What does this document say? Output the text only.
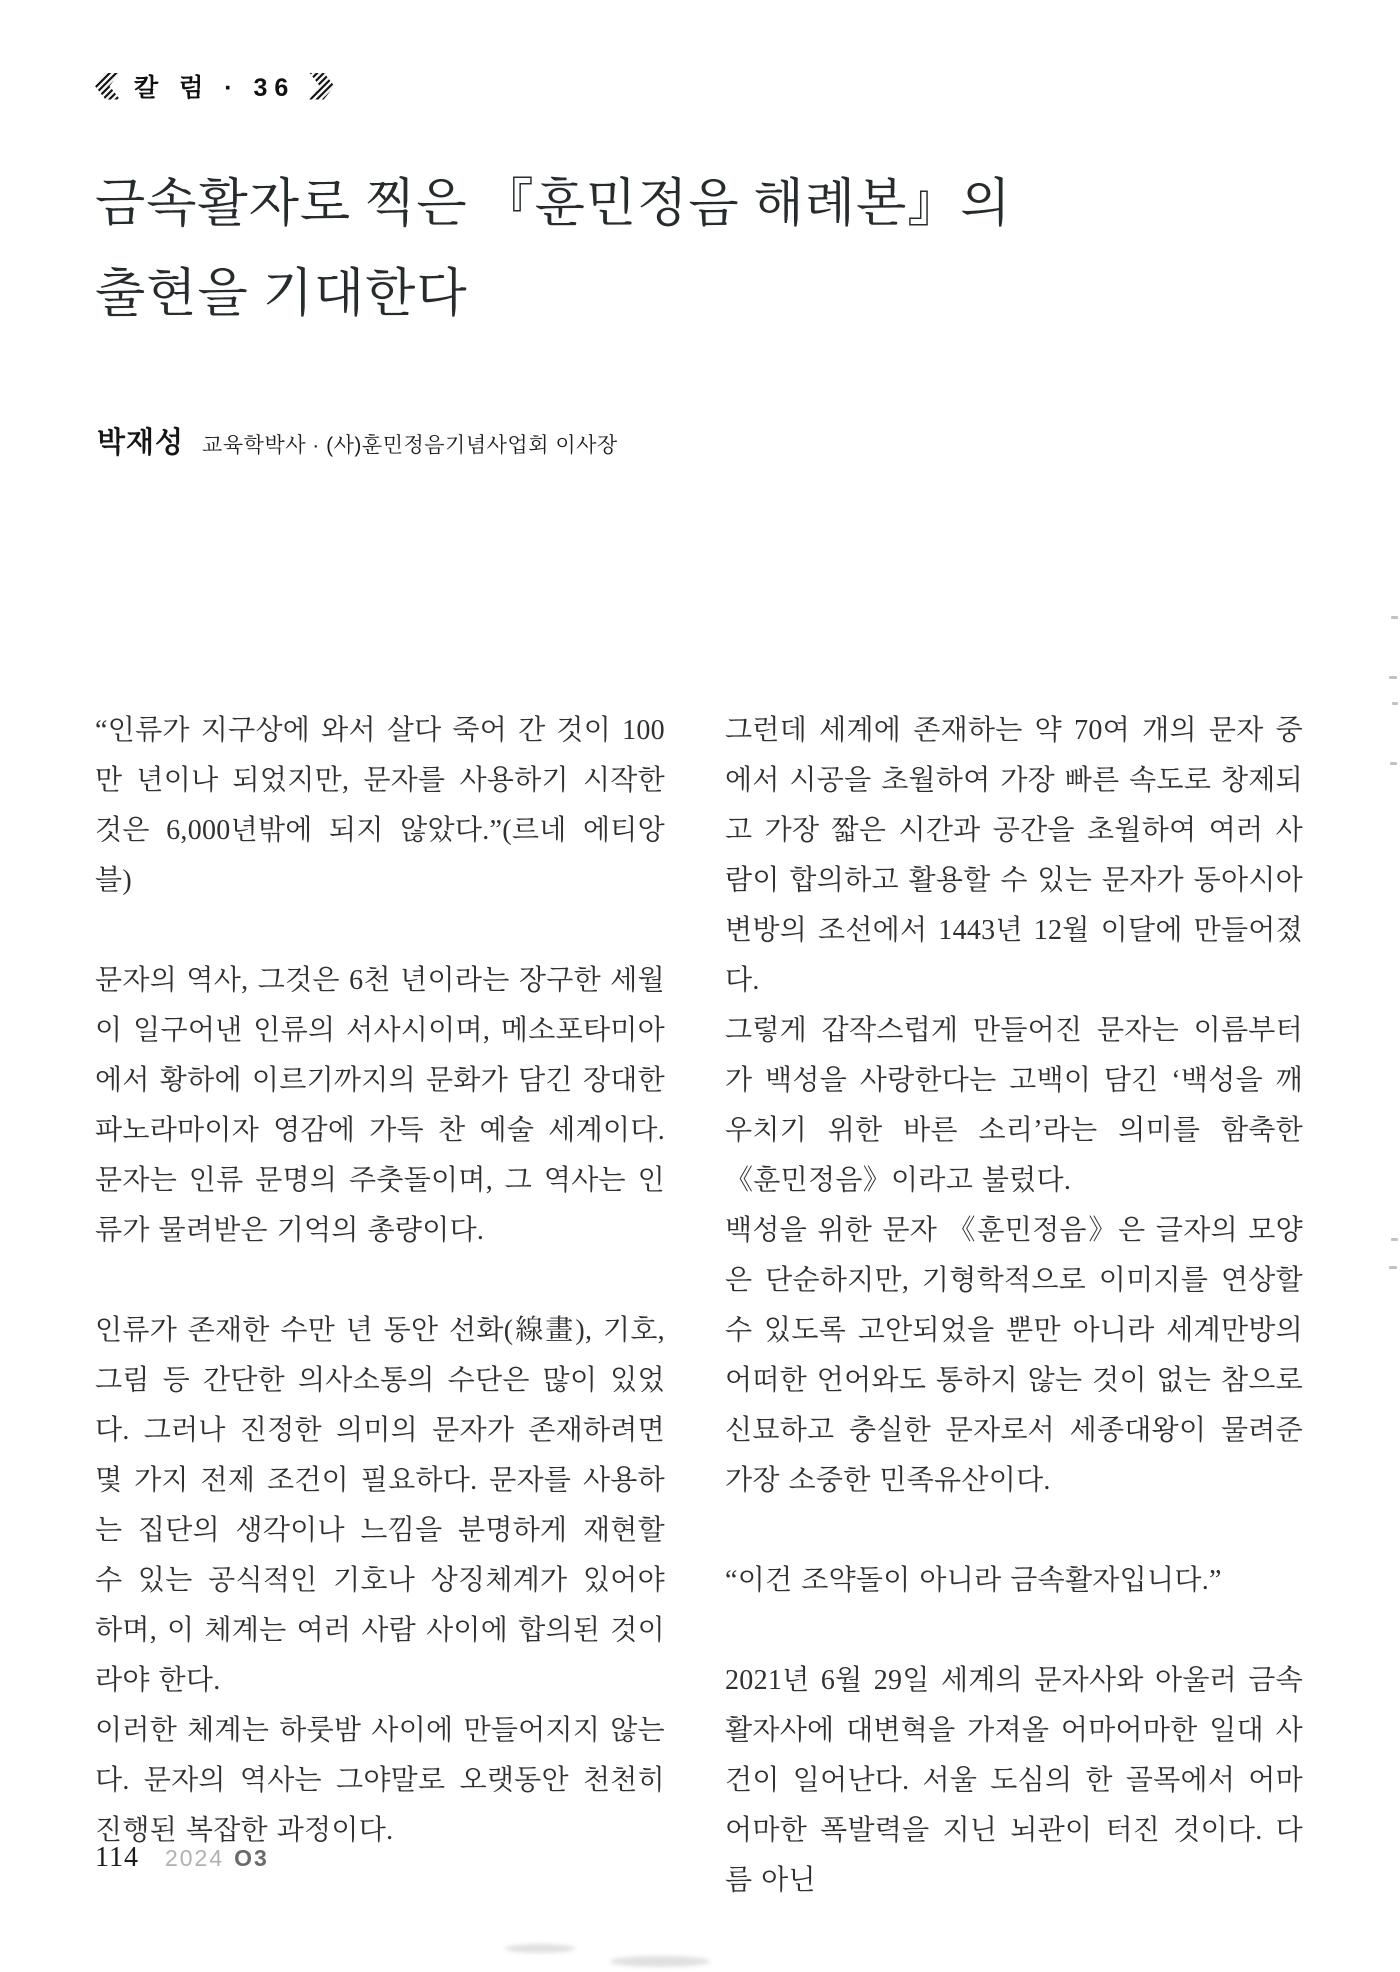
칼 럼 · 36
금속활자로 찍은 『훈민정음 해례본』의
출현을 기대한다
박재성 교육학박사 · (사)훈민정음기념사업회 이사장

“인류가 지구상에 와서 살다 죽어 간 것이 100만 년이나 되었지만, 문자를 사용하기 시작한 것은 6,000년밖에 되지 않았다.”(르네 에티앙블)

문자의 역사, 그것은 6천 년이라는 장구한 세월이 일구어낸 인류의 서사시이며, 메소포타미아에서 황하에 이르기까지의 문화가 담긴 장대한 파노라마이자 영감에 가득 찬 예술 세계이다. 문자는 인류 문명의 주춧돌이며, 그 역사는 인류가 물려받은 기억의 총량이다.

인류가 존재한 수만 년 동안 선화(線畫), 기호, 그림 등 간단한 의사소통의 수단은 많이 있었다. 그러나 진정한 의미의 문자가 존재하려면 몇 가지 전제 조건이 필요하다. 문자를 사용하는 집단의 생각이나 느낌을 분명하게 재현할 수 있는 공식적인 기호나 상징체계가 있어야 하며, 이 체계는 여러 사람 사이에 합의된 것이라야 한다.

이러한 체계는 하룻밤 사이에 만들어지지 않는다. 문자의 역사는 그야말로 오랫동안 천천히 진행된 복잡한 과정이다.

그런데 세계에 존재하는 약 70여 개의 문자 중에서 시공을 초월하여 가장 빠른 속도로 창제되고 가장 짧은 시간과 공간을 초월하여 여러 사람이 합의하고 활용할 수 있는 문자가 동아시아 변방의 조선에서 1443년 12월 이달에 만들어졌다.

그렇게 갑작스럽게 만들어진 문자는 이름부터가 백성을 사랑한다는 고백이 담긴 ‘백성을 깨우치기 위한 바른 소리’라는 의미를 함축한 《훈민정음》이라고 불렀다.

백성을 위한 문자 《훈민정음》은 글자의 모양은 단순하지만, 기형학적으로 이미지를 연상할 수 있도록 고안되었을 뿐만 아니라 세계만방의 어떠한 언어와도 통하지 않는 것이 없는 참으로 신묘하고 충실한 문자로서 세종대왕이 물려준 가장 소중한 민족유산이다.

“이건 조약돌이 아니라 금속활자입니다.”

2021년 6월 29일 세계의 문자사와 아울러 금속활자사에 대변혁을 가져올 어마어마한 일대 사건이 일어난다. 서울 도심의 한 골목에서 어마어마한 폭발력을 지닌 뇌관이 터진 것이다. 다름 아닌

114 2024 O3
